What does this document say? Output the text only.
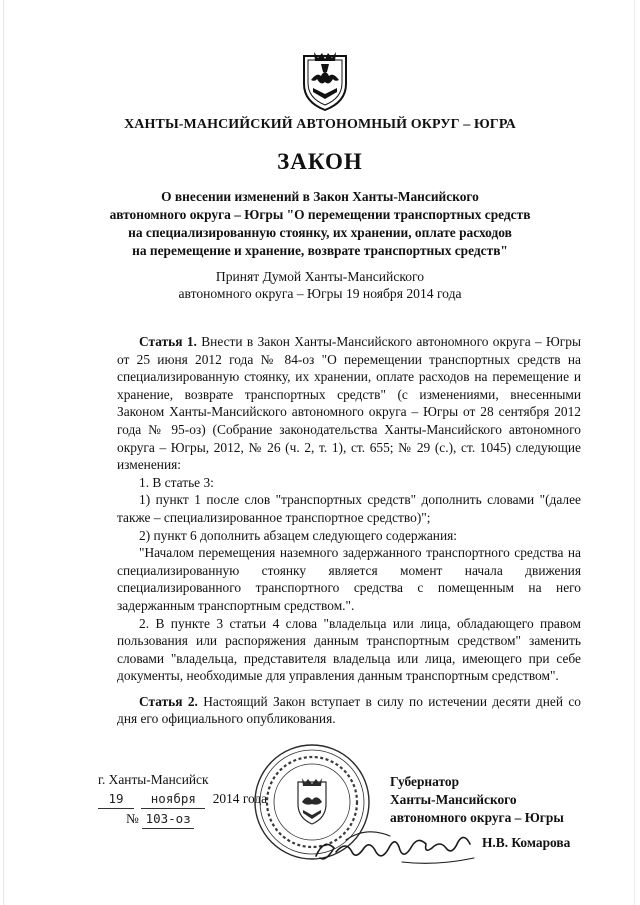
ХАНТЫ-МАНСИЙСКИЙ АВТОНОМНЫЙ ОКРУГ – ЮГРА
ЗАКОН
О внесении изменений в Закон Ханты-Мансийского
автономного округа – Югры "О перемещении транспортных средств
на специализированную стоянку, их хранении, оплате расходов
на перемещение и хранение, возврате транспортных средств"
Принят Думой Ханты-Мансийского
автономного округа – Югры 19 ноября 2014 года

Статья 1. Внести в Закон Ханты-Мансийского автономного округа – Югры от 25 июня 2012 года № 84-оз "О перемещении транспортных средств на специализированную стоянку, их хранении, оплате расходов на перемещение и хранение, возврате транспортных средств" (с изменениями, внесенными Законом Ханты-Мансийского автономного округа – Югры от 28 сентября 2012 года № 95-оз) (Собрание законодательства Ханты-Мансийского автономного округа – Югры, 2012, № 26 (ч. 2, т. 1), ст. 655; № 29 (с.), ст. 1045) следующие изменения:

1. В статье 3:

1) пункт 1 после слов "транспортных средств" дополнить словами "(далее также – специализированное транспортное средство)";

2) пункт 6 дополнить абзацем следующего содержания:

"Началом перемещения наземного задержанного транспортного средства на специализированную стоянку является момент начала движения специализированного транспортного средства с помещенным на него задержанным транспортным средством.".

2. В пункте 3 статьи 4 слова "владельца или лица, обладающего правом пользования или распоряжения данным транспортным средством" заменить словами "владельца, представителя владельца или лица, имеющего при себе документы, необходимые для управления данным транспортным средством".

Статья 2. Настоящий Закон вступает в силу по истечении десяти дней со дня его официального опубликования.

г. Ханты-Мансийск
19 ноября 2014 года
№ 103-оз
Губернатор
Ханты-Мансийского
автономного округа – Югры
Н.В. Комарова
